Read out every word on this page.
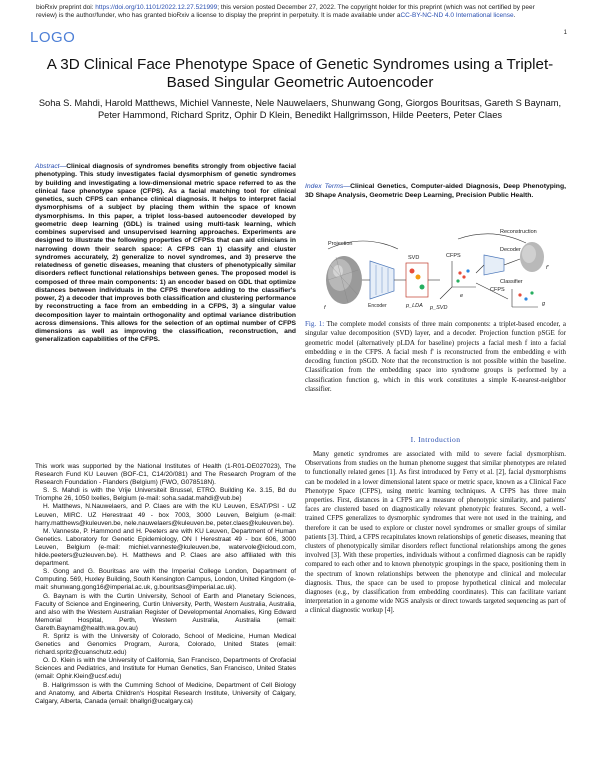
bioRxiv preprint doi: https://doi.org/10.1101/2022.12.27.521999; this version posted December 27, 2022. The copyright holder for this preprint (which was not certified by peer review) is the author/funder, who has granted bioRxiv a license to display the preprint in perpetuity. It is made available under aCC-BY-NC-ND 4.0 International license.
LOGO	1
A 3D Clinical Face Phenotype Space of Genetic Syndromes using a Triplet-Based Singular Geometric Autoencoder
Soha S. Mahdi, Harold Matthews, Michiel Vanneste, Nele Nauwelaers, Shunwang Gong, Giorgos Bouritsas, Gareth S Baynam, Peter Hammond, Richard Spritz, Ophir D Klein, Benedikt Hallgrimsson, Hilde Peeters, Peter Claes
Abstract—Clinical diagnosis of syndromes benefits strongly from objective facial phenotyping. This study investigates facial dysmorphism of genetic syndromes by building and investigating a low-dimensional metric space referred to as the clinical face phenotype space (CFPS). As a facial matching tool for clinical genetics, such CFPS can enhance clinical diagnosis. It helps to interpret facial dysmorphisms of a subject by placing them within the space of known dysmorphisms. In this paper, a triplet loss-based autoencoder developed by geometric deep learning (GDL) is trained using multi-task learning, which combines supervised and unsupervised learning approaches. Experiments are designed to illustrate the following properties of CFPSs that can aid clinicians in narrowing down their search space: A CFPS can 1) classify and cluster syndromes accurately, 2) generalize to novel syndromes, and 3) preserve the relatedness of genetic diseases, meaning that clusters of phenotypically similar disorders reflect functional relationships between genes. The proposed model is composed of three main components: 1) an encoder based on GDL that optimize distances between individuals in the CFPS therefore adding to the classifier's power, 2) a decoder that improves both classification and clustering performance by reconstructing a face from an embedding in a CFPS, 3) a singular value decomposition layer to maintain orthogonality and optimal variance distribution across dimensions. This allows for the selection of an optimal number of CFPS dimensions as well as improving the classification, reconstruction, and generalization capabilities of the CFPS.

This work was supported by the National Institutes of Health (1-R01-DE027023), The Research Fund KU Leuven (BOF-C1, C14/20/081) and The Research Program of the Research Foundation - Flanders (Belgium) (FWO, G078518N).

S. S. Mahdi is with the Vrije Universiteit Brussel, ETRO. Building Ke. 3.15, Bd du Triomphe 26, 1050 Ixelles, Belgium (e-mail: soha.sadat.mahdi@vub.be)

H. Matthews, N.Nauwelaers, and P. Claes are with the KU Leuven, ESAT/PSI - UZ Leuven, MIRC. UZ Herestraat 49 - box 7003, 3000 Leuven, Belgium (e-mail: harry.matthews@kuleuven.be, nele.nauwelaers@kuleuven.be, peter.claes@kuleuven.be).

M. Vanneste, P. Hammond and H. Peeters are with KU Leuven, Department of Human Genetics. Laboratory for Genetic Epidemiology, ON I Herestraat 49 - box 606, 3000 Leuven, Belgium (e-mail: michiel.vanneste@kuleuven.be, watervole@icloud.com, hilde.peeters@uzleuven.be). H. Matthews and P. Claes are also affiliated with this department.

S. Gong and G. Bouritsas are with the Imperial College London, Department of Computing. 569, Huxley Building, South Kensington Campus, London, United Kingdom (e-mail: shunwang.gong16@imperial.ac.uk, g.bouritsas@imperial.ac.uk).

G. Baynam is with the Curtin University, School of Earth and Planetary Sciences, Faculty of Science and Engineering, Curtin University, Perth, Western Australia, Australia, and also with the Western Australian Register of Developmental Anomalies, King Edward Memorial Hospital, Perth, Western Australia, Australia (email: Gareth.Baynam@health.wa.gov.au)

R. Spritz is with the University of Colorado, School of Medicine, Human Medical Genetics and Genomics Program, Aurora, Colorado, United States (email: richard.spritz@cuanschutz.edu)

O. D. Klein is with the University of California, San Francisco, Departments of Orofacial Sciences and Pediatrics, and Institute for Human Genetics, San Francisco, United States (email: Ophir.Klein@ucsf.edu)

B. Hallgrimsson is with the Cumming School of Medicine, Department of Cell Biology and Anatomy, and Alberta Children's Hospital Research Institute, University of Calgary, Calgary, Alberta, Canada (email: bhallgri@ucalgary.ca)

Index Terms—Clinical Genetics, Computer-aided Diagnosis, Deep Phenotyping, 3D Shape Analysis, Geometric Deep Learning, Precision Public Health.
Projection
Reconstruction
f	Encoder
SVD
p_LDA
CFPS
e
p_SVD
Decoder
f'
Classifier
CFPS
g
Fig. 1: The complete model consists of three main components: a triplet-based encoder, a singular value decomposition (SVD) layer, and a decoder. Projection function pSGE for geometric model (alternatively pLDA for baseline) projects a facial mesh f into a facial embedding e in the CFPS. A facial mesh f' is reconstructed from the embedding e with decoding function pSGD. Note that the reconstruction is not possible within the baseline. Classification from the embedding space into syndrome groups is performed by a classification function g, which in this work constitutes a simple K-nearest-neighbor classifier.
I. Introduction

Many genetic syndromes are associated with mild to severe facial dysmorphism. Observations from studies on the human phenome suggest that similar phenotypes are related to functionally related genes [1]. As first introduced by Ferry et al. [2], facial dysmorphisms can be modeled in a lower dimensional latent space or metric space, known as a Clinical Face Phenotype Space (CFPS), using metric learning techniques. A CFPS has three main properties. First, distances in a CFPS are a measure of phenotypic similarity, and patients' faces are clustered based on diagnostically relevant phenotypic features. Second, a well-trained CFPS generalizes to dysmorphic syndromes that were not used in the training, and therefore it can be used to explore or cluster novel syndromes or smaller groups of similar patients [3]. Third, a CFPS recapitulates known relationships of genetic diseases, meaning that clusters of phenotypically similar disorders reflect functional relationships among the genes involved [3]. With these properties, individuals without a confirmed diagnosis can be rapidly compared to each other and to known phenotypic groupings in the space, positioning them in the spectrum of known relationships between the phenotype and clinical and molecular diagnosis. Thus, the space can be used to propose hypothetical clinical and molecular diagnoses (e.g., by classification from embedding coordinates). This can facilitate variant interpretation in a genome wide NGS analysis or direct towards targeted sequencing as part of a clinical diagnostic workup [4].
